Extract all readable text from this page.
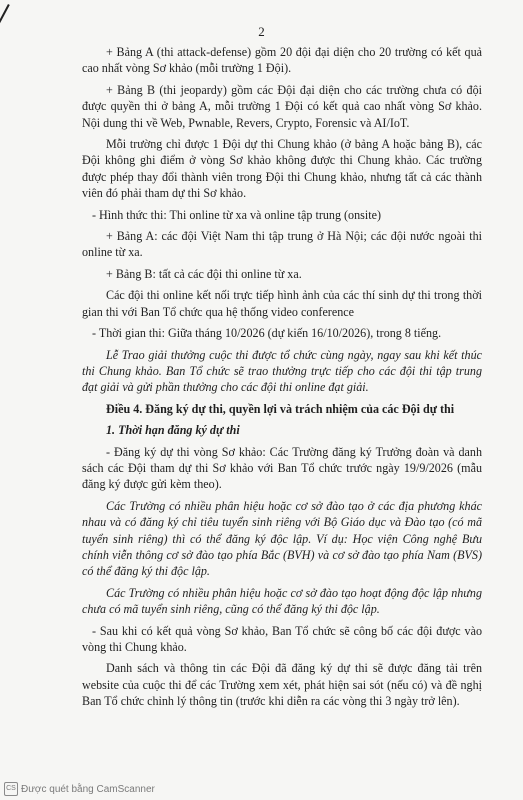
2

+ Bảng A (thi attack-defense) gồm 20 đội đại diện cho 20 trường có kết quả cao nhất vòng Sơ khảo (mỗi trường 1 Đội).

+ Bảng B (thi jeopardy) gồm các Đội đại diện cho các trường chưa có đội được quyền thi ở bảng A, mỗi trường 1 Đội có kết quả cao nhất vòng Sơ khảo. Nội dung thi về Web, Pwnable, Revers, Crypto, Forensic và AI/IoT.

Mỗi trường chỉ được 1 Đội dự thi Chung khảo (ở bảng A hoặc bảng B), các Đội không ghi điểm ở vòng Sơ khảo không được thi Chung khảo. Các trường được phép thay đổi thành viên trong Đội thi Chung khảo, nhưng tất cả các thành viên đó phải tham dự thi Sơ khảo.

- Hình thức thi: Thi online từ xa và online tập trung (onsite)

+ Bảng A: các đội Việt Nam thi tập trung ở Hà Nội; các đội nước ngoài thi online từ xa.

+ Bảng B: tất cả các đội thi online từ xa.

Các đội thi online kết nối trực tiếp hình ảnh của các thí sinh dự thi trong thời gian thi với Ban Tổ chức qua hệ thống video conference

- Thời gian thi: Giữa tháng 10/2026 (dự kiến 16/10/2026), trong 8 tiếng.

Lễ Trao giải thưởng cuộc thi được tổ chức cùng ngày, ngay sau khi kết thúc thi Chung khảo. Ban Tổ chức sẽ trao thưởng trực tiếp cho các đội thi tập trung đạt giải và gửi phần thưởng cho các đội thi online đạt giải.

Điều 4. Đăng ký dự thi, quyền lợi và trách nhiệm của các Đội dự thi

1. Thời hạn đăng ký dự thi

- Đăng ký dự thi vòng Sơ khảo: Các Trường đăng ký Trưởng đoàn và danh sách các Đội tham dự thi Sơ khảo với Ban Tổ chức trước ngày 19/9/2026 (mẫu đăng ký được gửi kèm theo).

Các Trường có nhiều phân hiệu hoặc cơ sở đào tạo ở các địa phương khác nhau và có đăng ký chỉ tiêu tuyển sinh riêng với Bộ Giáo dục và Đào tạo (có mã tuyển sinh riêng) thì có thể đăng ký độc lập. Ví dụ: Học viện Công nghệ Bưu chính viễn thông cơ sở đào tạo phía Bắc (BVH) và cơ sở đào tạo phía Nam (BVS) có thể đăng ký thi độc lập.

Các Trường có nhiều phân hiệu hoặc cơ sở đào tạo hoạt động độc lập nhưng chưa có mã tuyển sinh riêng, cũng có thể đăng ký thi độc lập.

- Sau khi có kết quả vòng Sơ khảo, Ban Tổ chức sẽ công bố các đội được vào vòng thi Chung khảo.

Danh sách và thông tin các Đội đã đăng ký dự thi sẽ được đăng tải trên website của cuộc thi để các Trường xem xét, phát hiện sai sót (nếu có) và đề nghị Ban Tổ chức chỉnh lý thông tin (trước khi diễn ra các vòng thi 3 ngày trở lên).

CS Được quét bằng CamScanner
